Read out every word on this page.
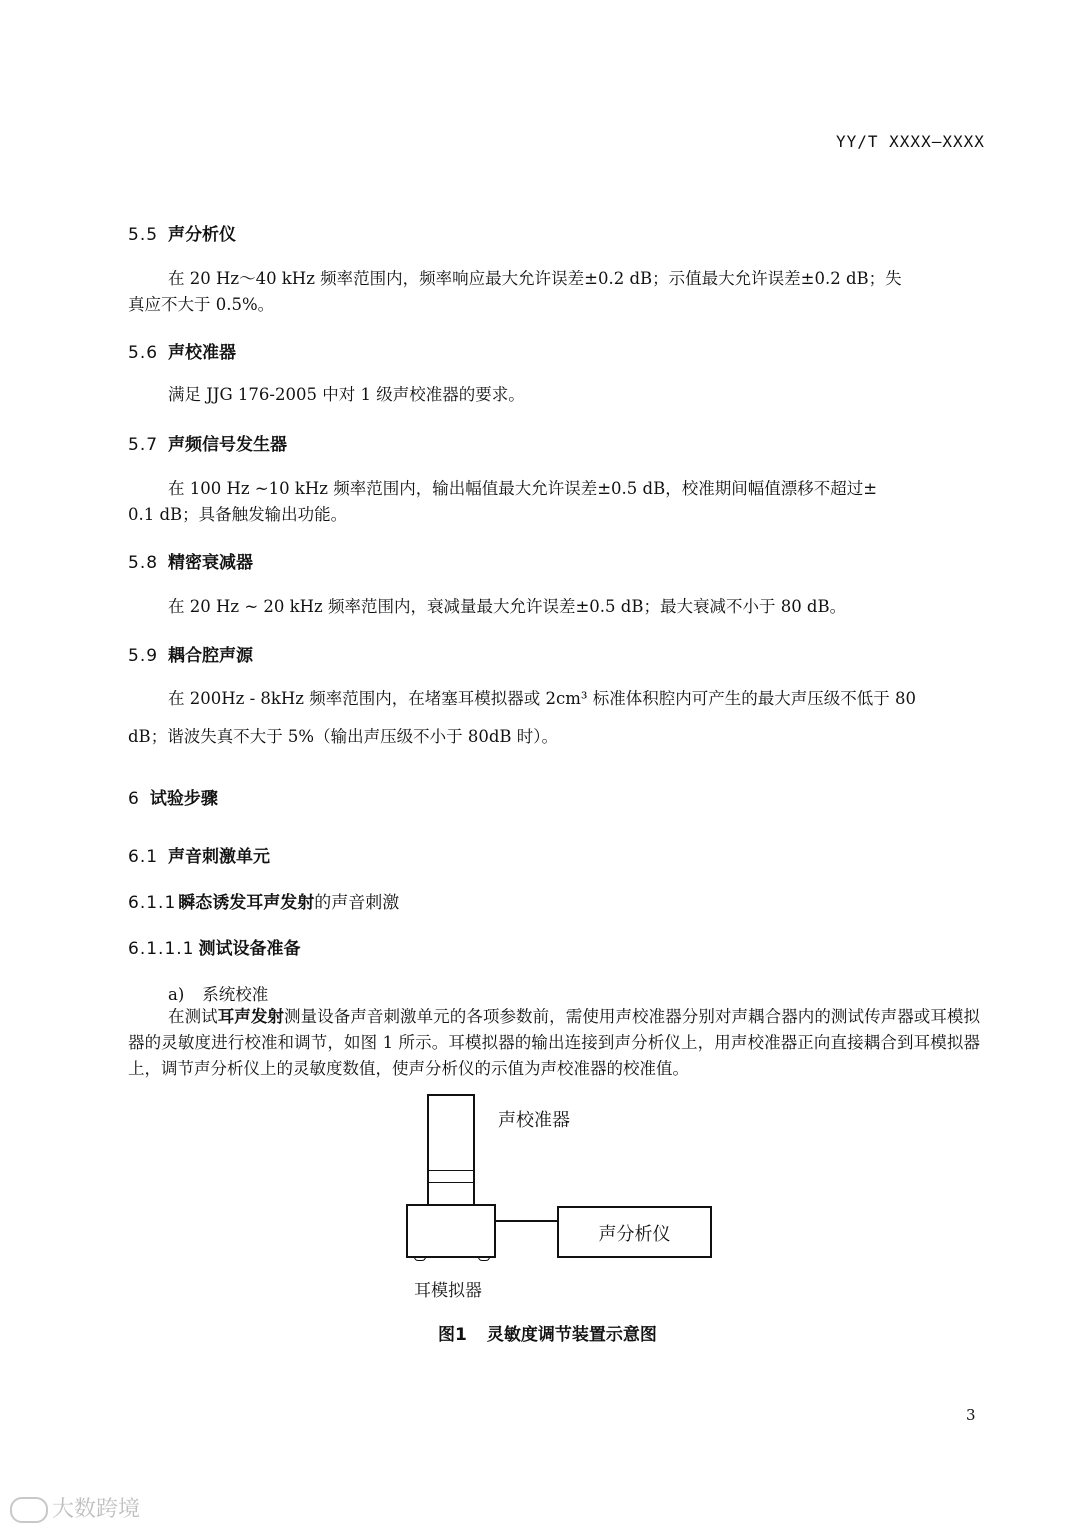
YY/T XXXX—XXXX
5.5 声分析仪
在 20 Hz～40 kHz 频率范围内，频率响应最大允许误差±0.2 dB；示值最大允许误差±0.2 dB；失
真应不大于 0.5%。
5.6 声校准器
满足 JJG 176-2005 中对 1 级声校准器的要求。
5.7 声频信号发生器
在 100 Hz ~10 kHz 频率范围内，输出幅值最大允许误差±0.5 dB，校准期间幅值漂移不超过±
0.1 dB；具备触发输出功能。
5.8 精密衰减器
在 20 Hz ~ 20 kHz 频率范围内，衰减量最大允许误差±0.5 dB；最大衰减不小于 80 dB。
5.9 耦合腔声源
在 200Hz - 8kHz 频率范围内，在堵塞耳模拟器或 2cm³ 标准体积腔内可产生的最大声压级不低于 80
dB；谐波失真不大于 5%（输出声压级不小于 80dB 时）。
6 试验步骤
6.1 声音刺激单元
6.1.1 瞬态诱发耳声发射的声音刺激
6.1.1.1 测试设备准备
a) 系统校准
在测试耳声发射测量设备声音刺激单元的各项参数前，需使用声校准器分别对声耦合器内的测试传声器或耳模拟器的灵敏度进行校准和调节，如图 1 所示。耳模拟器的输出连接到声分析仪上，用声校准器正向直接耦合到耳模拟器上，调节声分析仪上的灵敏度数值，使声分析仪的示值为声校准器的校准值。
声校准器
耳模拟器
声分析仪
图1 灵敏度调节装置示意图
3
大数跨境
